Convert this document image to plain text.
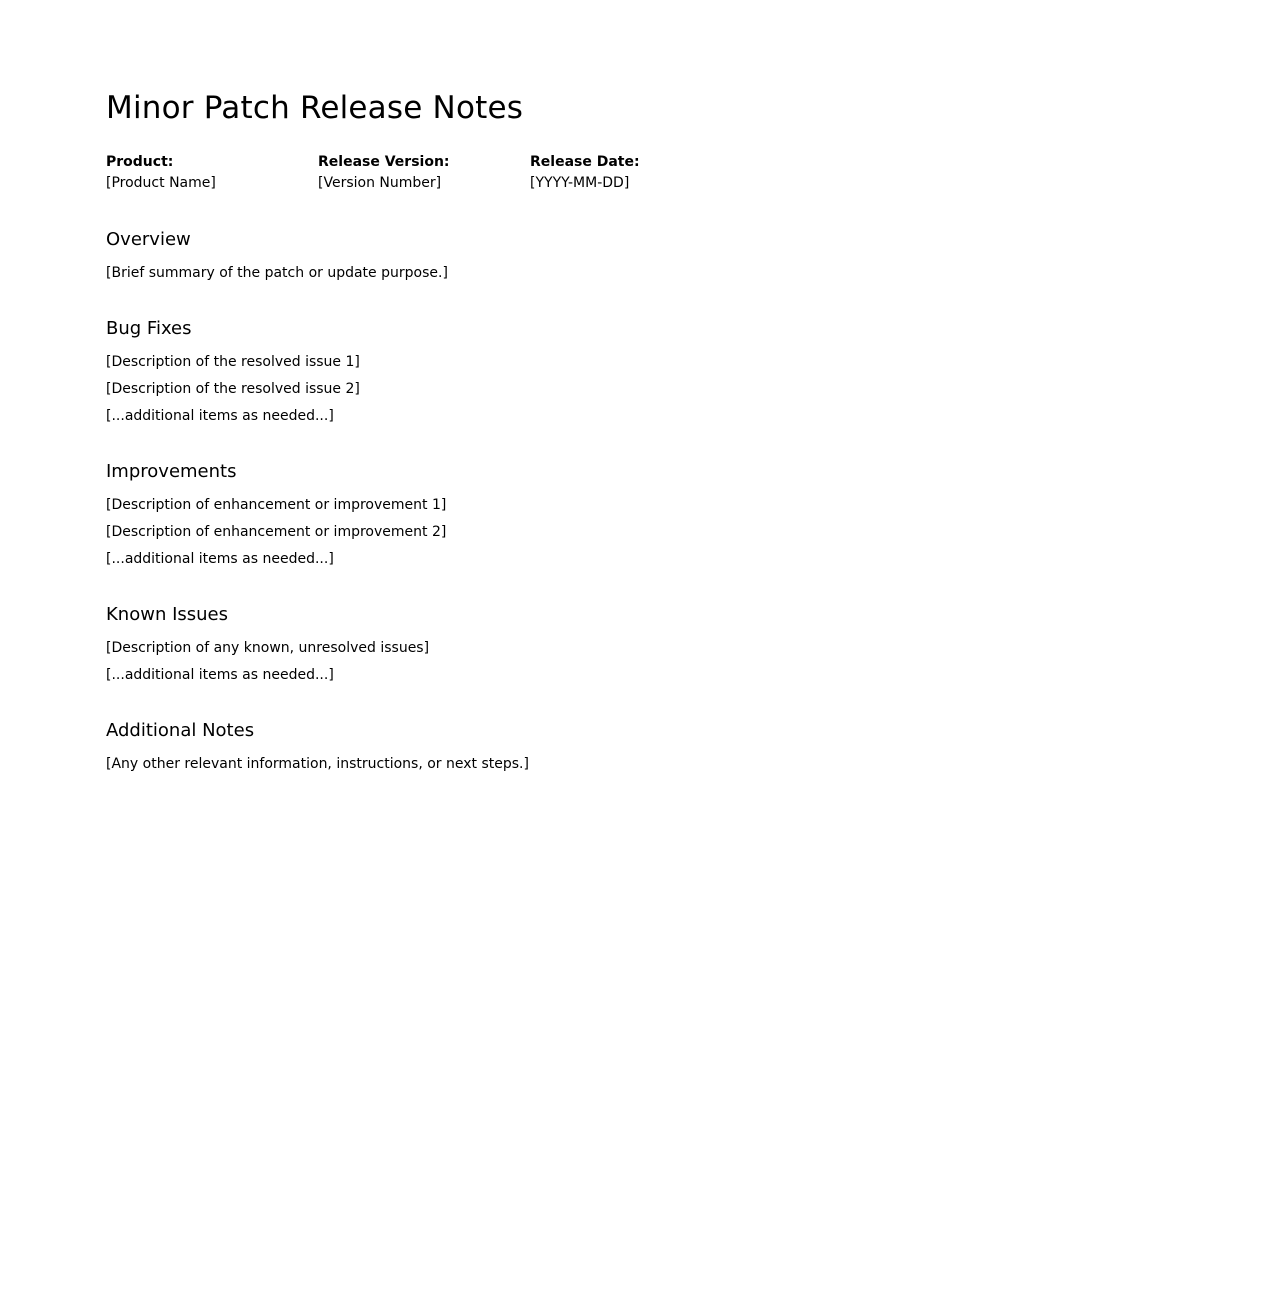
Minor Patch Release Notes
Product:
[Product Name]
Release Version:
[Version Number]
Release Date:
[YYYY-MM-DD]
Overview

[Brief summary of the patch or update purpose.]

Bug Fixes

[Description of the resolved issue 1]

[Description of the resolved issue 2]

[...additional items as needed...]

Improvements

[Description of enhancement or improvement 1]

[Description of enhancement or improvement 2]

[...additional items as needed...]

Known Issues

[Description of any known, unresolved issues]

[...additional items as needed...]

Additional Notes

[Any other relevant information, instructions, or next steps.]
